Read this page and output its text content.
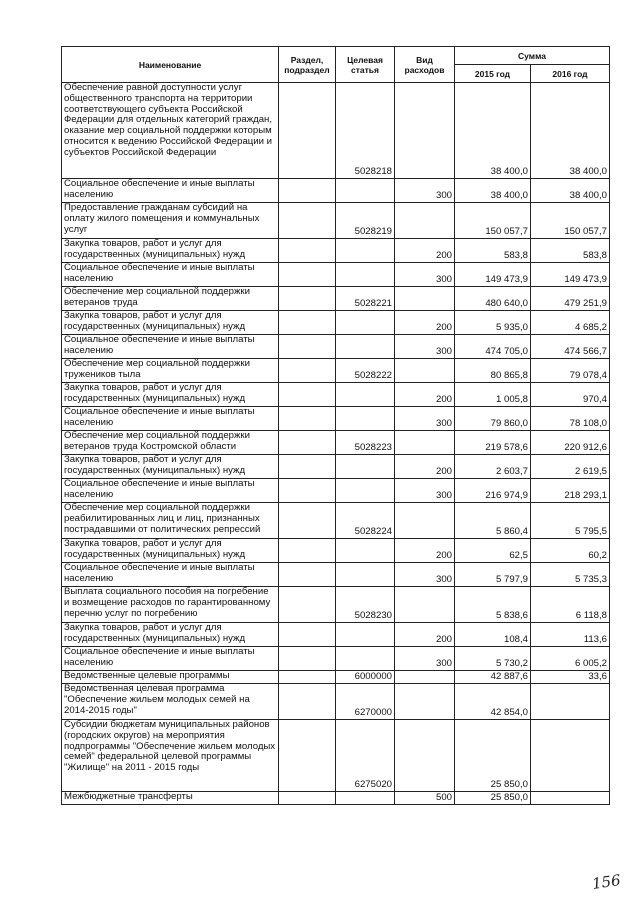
Наименование	Раздел, подраздел	Целевая статья	Вид расходов	Сумма	
				2015 год	2016 год
Обеспечение равной доступности услуг общественного транспорта на территории соответствующего субъекта Российской Федерации для отдельных категорий граждан, оказание мер социальной поддержки которым относится к ведению Российской Федерации и субъектов Российской Федерации		5028218		38 400,0	38 400,0
Социальное обеспечение и иные выплаты населению			300	38 400,0	38 400,0
Предоставление гражданам субсидий на оплату жилого помещения и коммунальных услуг		5028219		150 057,7	150 057,7
Закупка товаров, работ и услуг для государственных (муниципальных) нужд			200	583,8	583,8
Социальное обеспечение и иные выплаты населению			300	149 473,9	149 473,9
Обеспечение мер социальной поддержки ветеранов труда		5028221		480 640,0	479 251,9
Закупка товаров, работ и услуг для государственных (муниципальных) нужд			200	5 935,0	4 685,2
Социальное обеспечение и иные выплаты населению			300	474 705,0	474 566,7
Обеспечение мер социальной поддержки тружеников тыла		5028222		80 865,8	79 078,4
Закупка товаров, работ и услуг для государственных (муниципальных) нужд			200	1 005,8	970,4
Социальное обеспечение и иные выплаты населению			300	79 860,0	78 108,0
Обеспечение мер социальной поддержки ветеранов труда Костромской области		5028223		219 578,6	220 912,6
Закупка товаров, работ и услуг для государственных (муниципальных) нужд			200	2 603,7	2 619,5
Социальное обеспечение и иные выплаты населению			300	216 974,9	218 293,1
Обеспечение мер социальной поддержки реабилитированных лиц и лиц, признанных пострадавшими от политических репрессий		5028224		5 860,4	5 795,5
Закупка товаров, работ и услуг для государственных (муниципальных) нужд			200	62,5	60,2
Социальное обеспечение и иные выплаты населению			300	5 797,9	5 735,3
Выплата социального пособия на погребение и возмещение расходов по гарантированному перечню услуг по погребению		5028230		5 838,6	6 118,8
Закупка товаров, работ и услуг для государственных (муниципальных) нужд			200	108,4	113,6
Социальное обеспечение и иные выплаты населению			300	5 730,2	6 005,2
Ведомственные целевые программы		6000000		42 887,6	33,6
Ведомственная целевая программа "Обеспечение жильем молодых семей на 2014-2015 годы"		6270000		42 854,0	
Субсидии бюджетам муниципальных районов (городских округов) на мероприятия подпрограммы "Обеспечение жильем молодых семей" федеральной целевой программы "Жилище" на 2011 - 2015 годы		6275020		25 850,0	
Межбюджетные трансферты			500	25 850,0	
156
